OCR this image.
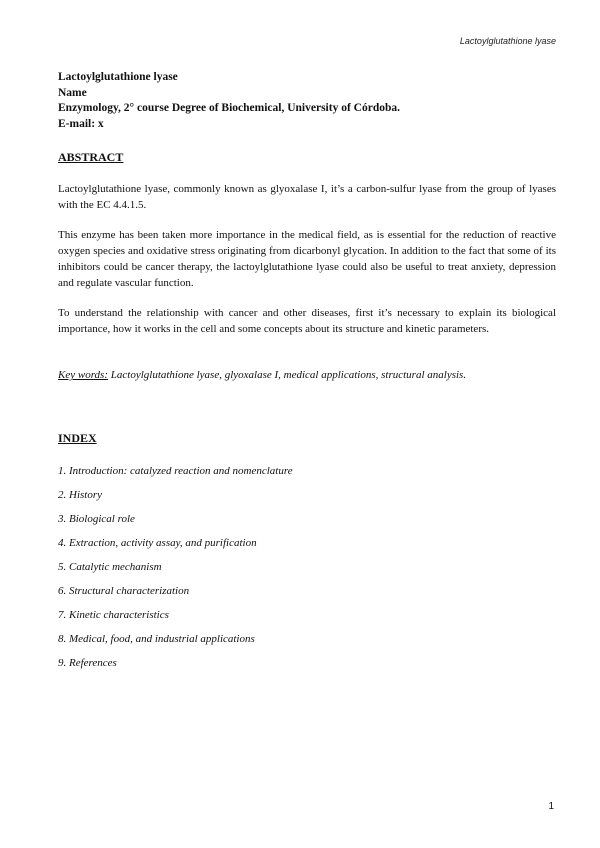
Lactoylglutathione lyase

Lactoylglutathione lyase

Name

Enzymology, 2° course Degree of Biochemical, University of Córdoba.

E-mail: x

ABSTRACT

Lactoylglutathione lyase, commonly known as glyoxalase I, it’s a carbon-sulfur lyase from the group of lyases with the EC 4.4.1.5.

This enzyme has been taken more importance in the medical field, as is essential for the reduction of reactive oxygen species and oxidative stress originating from dicarbonyl glycation. In addition to the fact that some of its inhibitors could be cancer therapy, the lactoylglutathione lyase could also be useful to treat anxiety, depression and regulate vascular function.

To understand the relationship with cancer and other diseases, first it’s necessary to explain its biological importance, how it works in the cell and some concepts about its structure and kinetic parameters.

Key words: Lactoylglutathione lyase, glyoxalase I, medical applications, structural analysis.

INDEX
1. Introduction: catalyzed reaction and nomenclature
2. History
3. Biological role
4. Extraction, activity assay, and purification
5. Catalytic mechanism
6. Structural characterization
7. Kinetic characteristics
8. Medical, food, and industrial applications
9. References
1
